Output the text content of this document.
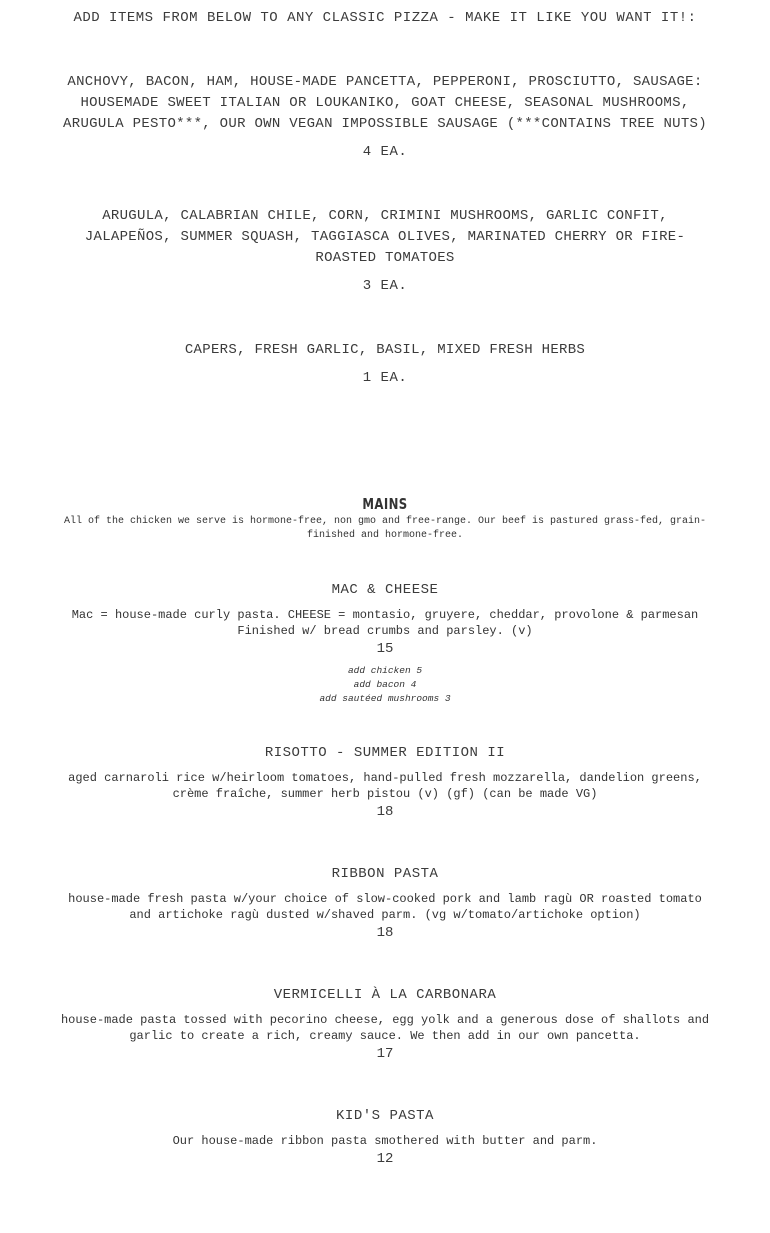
ADD ITEMS FROM BELOW TO ANY CLASSIC PIZZA - MAKE IT LIKE YOU WANT IT!:

ANCHOVY, BACON, HAM, HOUSE-MADE PANCETTA, PEPPERONI, PROSCIUTTO, SAUSAGE: HOUSEMADE SWEET ITALIAN OR LOUKANIKO, GOAT CHEESE, SEASONAL MUSHROOMS, ARUGULA PESTO***, OUR OWN VEGAN IMPOSSIBLE SAUSAGE (***CONTAINS TREE NUTS)

4 EA.

ARUGULA, CALABRIAN CHILE, CORN, CRIMINI MUSHROOMS, GARLIC CONFIT, JALAPEÑOS, SUMMER SQUASH, TAGGIASCA OLIVES, MARINATED CHERRY OR FIRE-ROASTED TOMATOES

3 EA.

CAPERS, FRESH GARLIC, BASIL, MIXED FRESH HERBS

1 EA.

MAINS

All of the chicken we serve is hormone-free, non gmo and free-range. Our beef is pastured grass-fed, grain-finished and hormone-free.

MAC & CHEESE

Mac = house-made curly pasta. CHEESE = montasio, gruyere, cheddar, provolone & parmesan
Finished w/ bread crumbs and parsley. (v)

15

add chicken 5
add bacon 4
add sautéed mushrooms 3

RISOTTO - SUMMER EDITION II

aged carnaroli rice w/heirloom tomatoes, hand-pulled fresh mozzarella, dandelion greens, crème fraîche, summer herb pistou (v) (gf) (can be made VG)

18

RIBBON PASTA

house-made fresh pasta w/your choice of slow-cooked pork and lamb ragù OR roasted tomato and artichoke ragù dusted w/shaved parm. (vg w/tomato/artichoke option)

18

VERMICELLI À LA CARBONARA

house-made pasta tossed with pecorino cheese, egg yolk and a generous dose of shallots and garlic to create a rich, creamy sauce. We then add in our own pancetta.

17

KID'S PASTA

Our house-made ribbon pasta smothered with butter and parm.

12
